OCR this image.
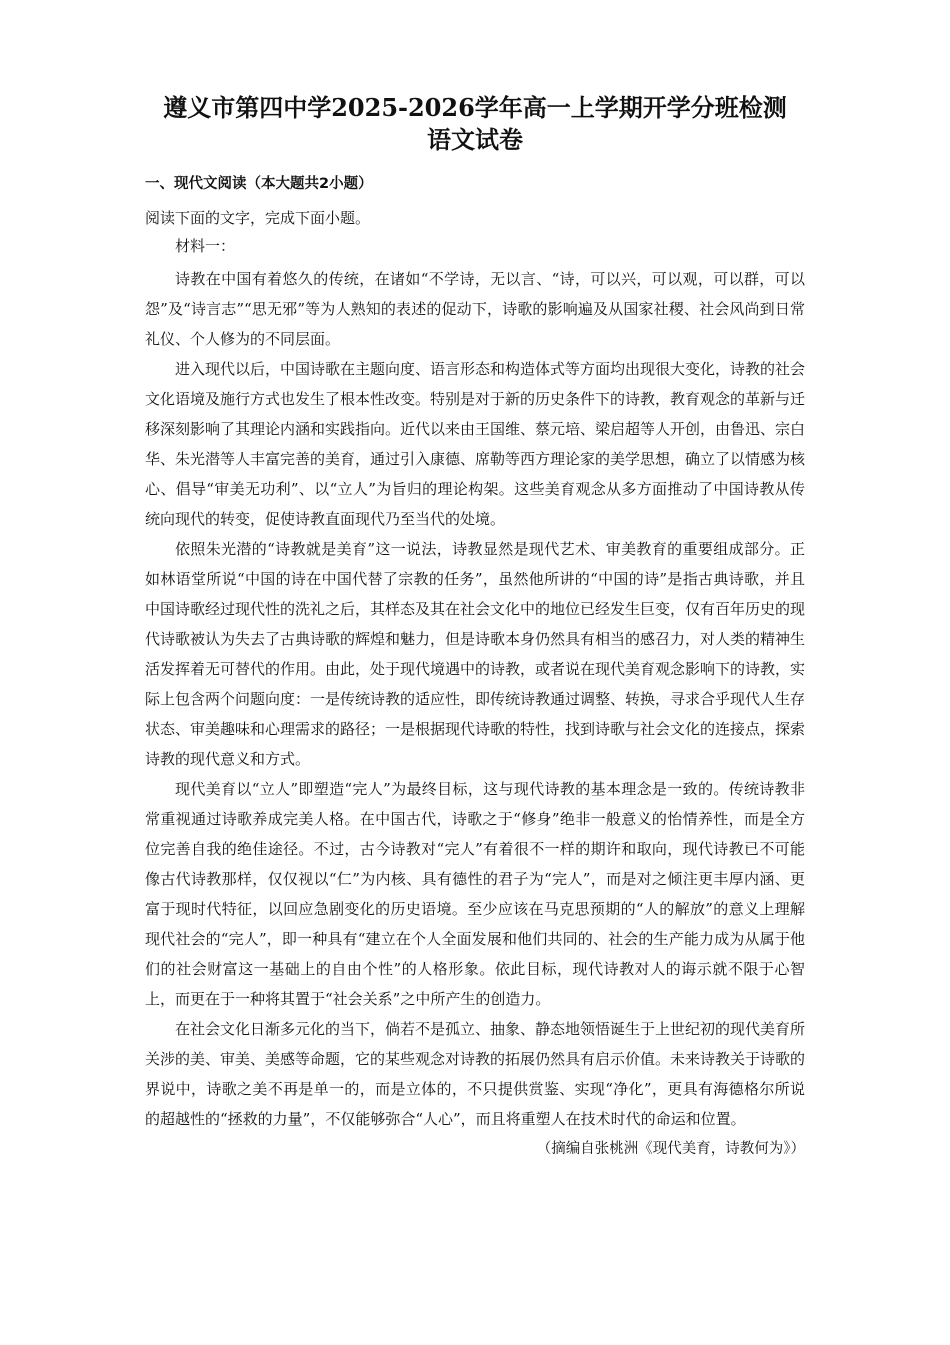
遵义市第四中学2025-2026学年高一上学期开学分班检测
语文试卷
一、现代文阅读（本大题共2小题）
阅读下面的文字，完成下面小题。
材料一：

诗教在中国有着悠久的传统，在诸如“不学诗，无以言、“诗，可以兴，可以观，可以群，可以怨”及“诗言志”“思无邪”等为人熟知的表述的促动下，诗歌的影响遍及从国家社稷、社会风尚到日常礼仪、个人修为的不同层面。

进入现代以后，中国诗歌在主题向度、语言形态和构造体式等方面均出现很大变化，诗教的社会文化语境及施行方式也发生了根本性改变。特别是对于新的历史条件下的诗教，教育观念的革新与迁移深刻影响了其理论内涵和实践指向。近代以来由王国维、蔡元培、梁启超等人开创，由鲁迅、宗白华、朱光潜等人丰富完善的美育，通过引入康德、席勒等西方理论家的美学思想，确立了以情感为核心、倡导“审美无功利”、以“立人”为旨归的理论构架。这些美育观念从多方面推动了中国诗教从传统向现代的转变，促使诗教直面现代乃至当代的处境。

依照朱光潜的“诗教就是美育”这一说法，诗教显然是现代艺术、审美教育的重要组成部分。正如林语堂所说“中国的诗在中国代替了宗教的任务”，虽然他所讲的“中国的诗”是指古典诗歌，并且中国诗歌经过现代性的洗礼之后，其样态及其在社会文化中的地位已经发生巨变，仅有百年历史的现代诗歌被认为失去了古典诗歌的辉煌和魅力，但是诗歌本身仍然具有相当的感召力，对人类的精神生活发挥着无可替代的作用。由此，处于现代境遇中的诗教，或者说在现代美育观念影响下的诗教，实际上包含两个问题向度：一是传统诗教的适应性，即传统诗教通过调整、转换，寻求合乎现代人生存状态、审美趣味和心理需求的路径；一是根据现代诗歌的特性，找到诗歌与社会文化的连接点，探索诗教的现代意义和方式。

现代美育以“立人”即塑造“完人”为最终目标，这与现代诗教的基本理念是一致的。传统诗教非常重视通过诗歌养成完美人格。在中国古代，诗歌之于“修身”绝非一般意义的怡情养性，而是全方位完善自我的绝佳途径。不过，古今诗教对“完人”有着很不一样的期许和取向，现代诗教已不可能像古代诗教那样，仅仅视以“仁”为内核、具有德性的君子为“完人”，而是对之倾注更丰厚内涵、更富于现时代特征，以回应急剧变化的历史语境。至少应该在马克思预期的“人的解放”的意义上理解现代社会的“完人”，即一种具有“建立在个人全面发展和他们共同的、社会的生产能力成为从属于他们的社会财富这一基础上的自由个性”的人格形象。依此目标，现代诗教对人的诲示就不限于心智上，而更在于一种将其置于“社会关系”之中所产生的创造力。

在社会文化日渐多元化的当下，倘若不是孤立、抽象、静态地领悟诞生于上世纪初的现代美育所关涉的美、审美、美感等命题，它的某些观念对诗教的拓展仍然具有启示价值。未来诗教关于诗歌的界说中，诗歌之美不再是单一的，而是立体的，不只提供赏鉴、实现“净化”，更具有海德格尔所说的超越性的“拯救的力量”，不仅能够弥合“人心”，而且将重塑人在技术时代的命运和位置。

（摘编自张桃洲《现代美育，诗教何为》）
